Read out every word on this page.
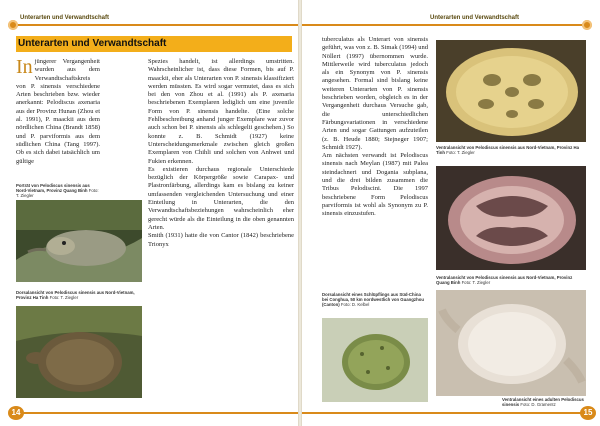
Unterarten und Verwandtschaft
Unterarten und Verwandtschaft
In jüngerer Vergangenheit wurden aus dem Verwandtschaftskreis von P. sinensis verschiedene Arten beschrieben bzw. wieder anerkannt: Pelodiscus axenaria aus der Provinz Hunan (Zhou et al. 1991), P. maackii aus dem nördlichen China (Brandt 1858) und P. parviformis aus dem südlichen China (Tang 1997). Ob es sich dabei tatsächlich um gültige
Porträt von Pelodiscus sinensis aus Nord-Vietnam, Provinz Quang Binh Foto: T. Ziegler
Dorsalansicht von Pelodiscus sinensis aus Nord-Vietnam, Provinz Ha Tinh Foto: T. Ziegler

Spezies handelt, ist allerdings umstritten. Wahrscheinlicher ist, dass diese Formen, bis auf P. maackii, eher als Unterarten von P. sinensis klassifiziert werden müssten. Es wird sogar vermutet, dass es sich bei den von Zhou et al. (1991) als P. axenaria beschriebenen Exemplaren lediglich um eine juvenile Form von P. sinensis handelte. (Eine solche Fehlbeschreibung anhand junger Exemplare war zuvor auch schon bei P. sinensis als schlegelii geschehen.) So konnte z. B. Schmidt (1927) keine Unterscheidungsmerkmale zwischen gleich großen Exemplaren von Chihli und solchen von Anhwei und Fukien erkennen.

Es existieren durchaus regionale Unterschiede bezüglich der Körpergröße sowie Carapax- und Plastronfärbung, allerdings kam es bislang zu keiner umfassenden vergleichenden Untersuchung und einer Einteilung in Unterarten, die den Verwandtschaftsbeziehungen wahrscheinlich eher gerecht würde als die Einteilung in die oben genannten Arten.

Smith (1931) hatte die von Cantor (1842) beschriebene Trionyx

14
Unterarten und Verwandtschaft

tuberculatus als Unterart von sinensis geführt, was von z. B. Simak (1994) und Nöllert (1997) übernommen wurde. Mittlerweile wird tuberculatus jedoch als ein Synonym von P. sinensis angesehen. Formal sind bislang keine weiteren Unterarten von P. sinensis beschrieben worden, obgleich es in der Vergangenheit durchaus Versuche gab, die unterschiedlichen Färbungsvariationen in verschiedene Arten und sogar Gattungen aufzuteilen (z. B. Heude 1880; Stejneger 1907; Schmidt 1927).
Am nächsten verwandt ist Pelodiscus sinensis nach Meylan (1987) mit Palea steindachneri und Dogania subplana, und die drei bilden zusammen die Tribus Pelodiscini. Die 1997 beschriebene Form Pelodiscus parviformis ist wohl als Synonym zu P. sinensis einzustufen.

Dorsalansicht eines Schlüpflings aus Süd-China bei Conghua, 50 km nordwestlich von Guangzhou (Canton) Foto: D. Kelbel
Ventralansicht von Pelodiscus sinensis aus Nord-Vietnam, Provinz Ha Tinh Foto: T. Ziegler
Ventralansicht von Pelodiscus sinensis aus Nord-Vietnam, Provinz Quang Binh Foto: T. Ziegler
Ventralansicht eines adulten Pelodiscus sinensis Foto: D. Gramentz
15
